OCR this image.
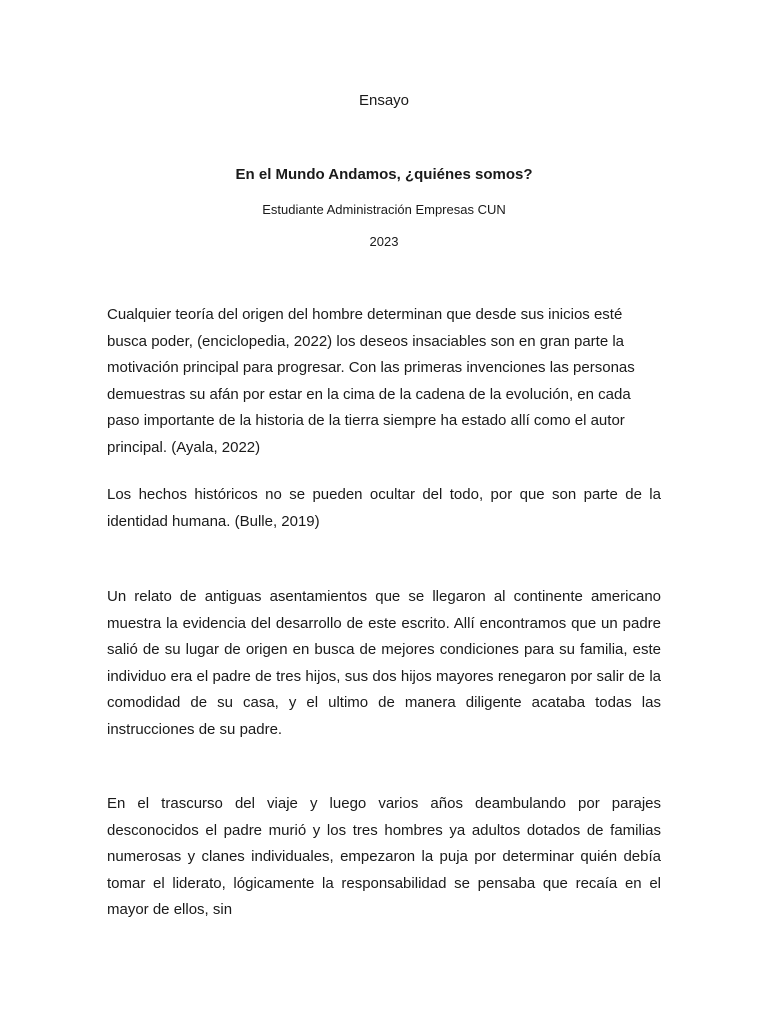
Ensayo
En el Mundo Andamos, ¿quiénes somos?
Estudiante Administración Empresas CUN
2023

Cualquier teoría del origen del hombre determinan que desde sus inicios esté busca poder, (enciclopedia, 2022) los deseos insaciables son en gran parte la motivación principal para progresar. Con las primeras invenciones las personas demuestras su afán por estar en la cima de la cadena de la evolución, en cada paso importante de la historia de la tierra siempre ha estado allí como el autor principal. (Ayala, 2022)

Los hechos históricos no se pueden ocultar del todo, por que son parte de la identidad humana. (Bulle, 2019)

Un relato de antiguas asentamientos que se llegaron al continente americano muestra la evidencia del desarrollo de este escrito. Allí encontramos que un padre salió de su lugar de origen en busca de mejores condiciones para su familia, este individuo era el padre de tres hijos, sus dos hijos mayores renegaron por salir de la comodidad de su casa, y el ultimo de manera diligente acataba todas las instrucciones de su padre.

En el trascurso del viaje y luego varios años deambulando por parajes desconocidos el padre murió y los tres hombres ya adultos dotados de familias numerosas y clanes individuales, empezaron la puja por determinar quién debía tomar el liderato, lógicamente la responsabilidad se pensaba que recaía en el mayor de ellos, sin
